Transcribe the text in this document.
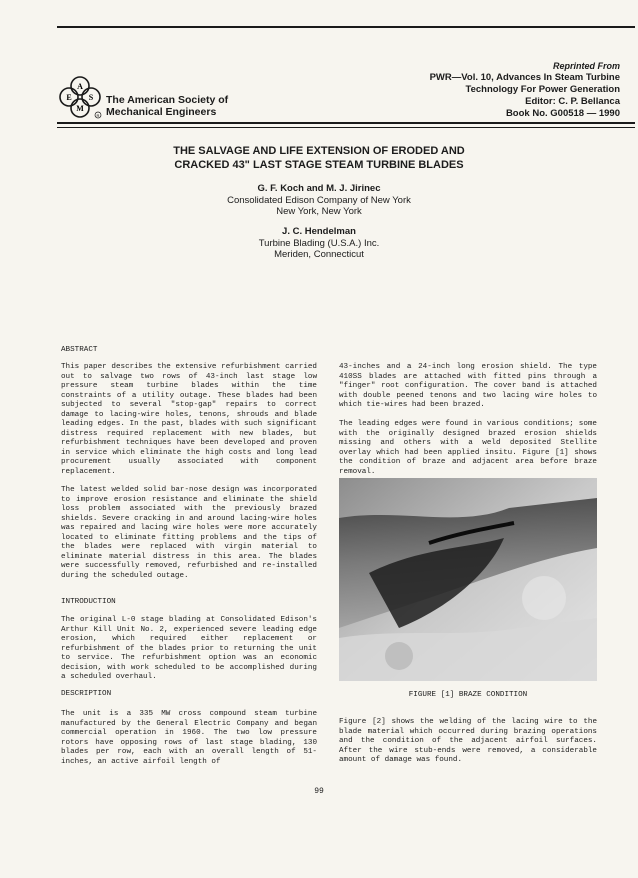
Reprinted From
PWR—Vol. 10, Advances In Steam Turbine
Technology For Power Generation
Editor: C. P. Bellanca
Book No. G00518 — 1990
A
E S
M
R
The American Society of
Mechanical Engineers
THE SALVAGE AND LIFE EXTENSION OF ERODED AND
CRACKED 43" LAST STAGE STEAM TURBINE BLADES
G. F. Koch and M. J. Jirinec
Consolidated Edison Company of New York
New York, New York
J. C. Hendelman
Turbine Blading (U.S.A.) Inc.
Meriden, Connecticut
ABSTRACT

This paper describes the extensive refurbishment carried out to salvage two rows of 43-inch last stage low pressure steam turbine blades within the time constraints of a utility outage. These blades had been subjected to several "stop-gap" repairs to correct damage to lacing-wire holes, tenons, shrouds and blade leading edges. In the past, blades with such significant distress required replacement with new blades, but refurbishment techniques have been developed and proven in service which eliminate the high costs and long lead procurement usually associated with component replacement.

The latest welded solid bar-nose design was incorporated to improve erosion resistance and eliminate the shield loss problem associated with the previously brazed shields. Severe cracking in and around lacing-wire holes was repaired and lacing wire holes were more accurately located to eliminate fitting problems and the tips of the blades were replaced with virgin material to eliminate material distress in this area. The blades were successfully removed, refurbished and re-installed during the scheduled outage.

INTRODUCTION

The original L-0 stage blading at Consolidated Edison's Arthur Kill Unit No. 2, experienced severe leading edge erosion, which required either replacement or refurbishment of the blades prior to returning the unit to service. The refurbishment option was an economic decision, with work scheduled to be accomplished during a scheduled overhaul.

DESCRIPTION

The unit is a 335 MW cross compound steam turbine manufactured by the General Electric Company and began commercial operation in 1960. The two low pressure rotors have opposing rows of last stage blading, 130 blades per row, each with an overall length of 51-inches, an active airfoil length of

43-inches and a 24-inch long erosion shield. The type 410SS blades are attached with fitted pins through a "finger" root configuration. The cover band is attached with double peened tenons and two lacing wire holes to which tie-wires had been brazed.

The leading edges were found in various conditions; some with the originally designed brazed erosion shields missing and others with a weld deposited Stellite overlay which had been applied insitu. Figure [1] shows the condition of braze and adjacent area before braze removal.

FIGURE [1] BRAZE CONDITION

Figure [2] shows the welding of the lacing wire to the blade material which occurred during brazing operations and the condition of the adjacent airfoil surfaces. After the wire stub-ends were removed, a considerable amount of damage was found.

99
